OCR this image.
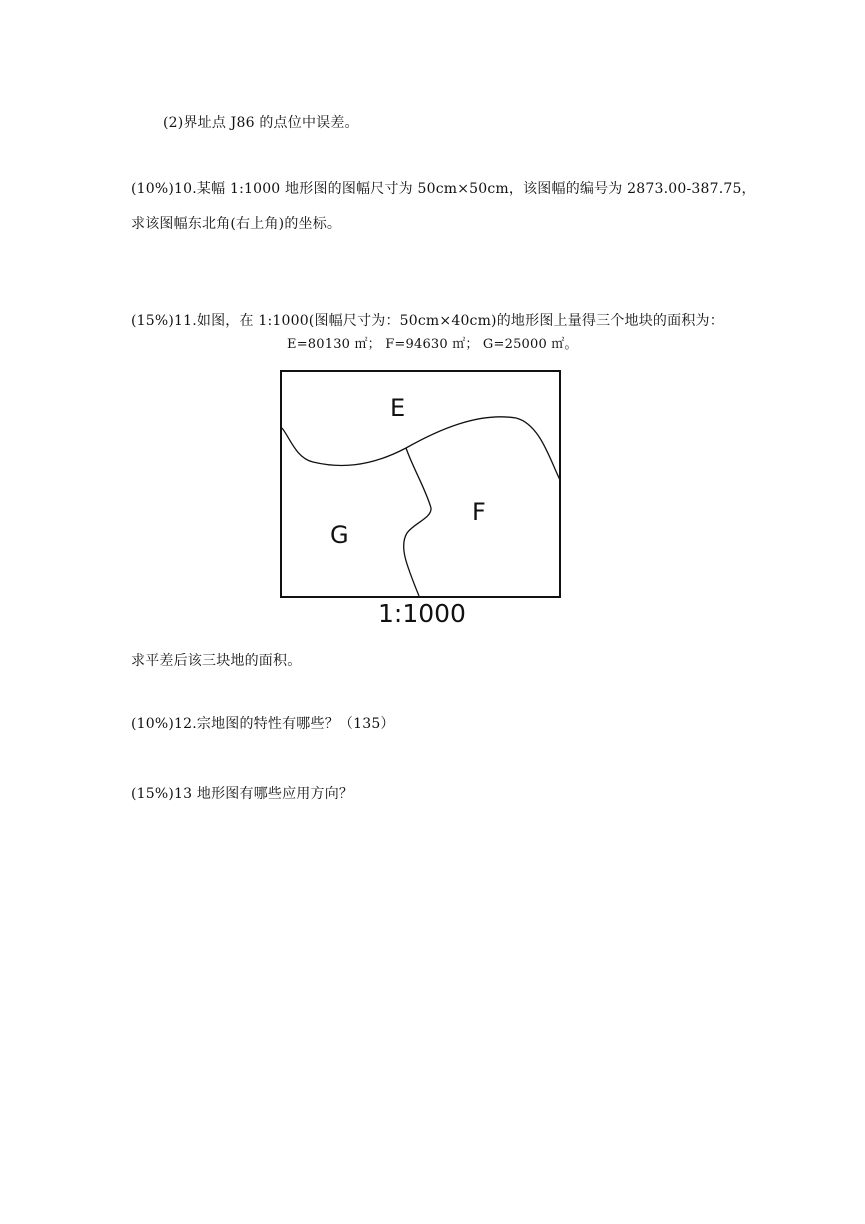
(2)界址点 J86 的点位中误差。
(10%)10.某幅 1:1000 地形图的图幅尺寸为 50cm×50cm，该图幅的编号为 2873.00-387.75，
求该图幅东北角(右上角)的坐标。
(15%)11.如图，在 1:1000(图幅尺寸为：50cm×40cm)的地形图上量得三个地块的面积为：
E=80130 ㎡； F=94630 ㎡； G=25000 ㎡。
E
F
G
1:1000
求平差后该三块地的面积。
(10%)12.宗地图的特性有哪些？（135）
(15%)13 地形图有哪些应用方向？
